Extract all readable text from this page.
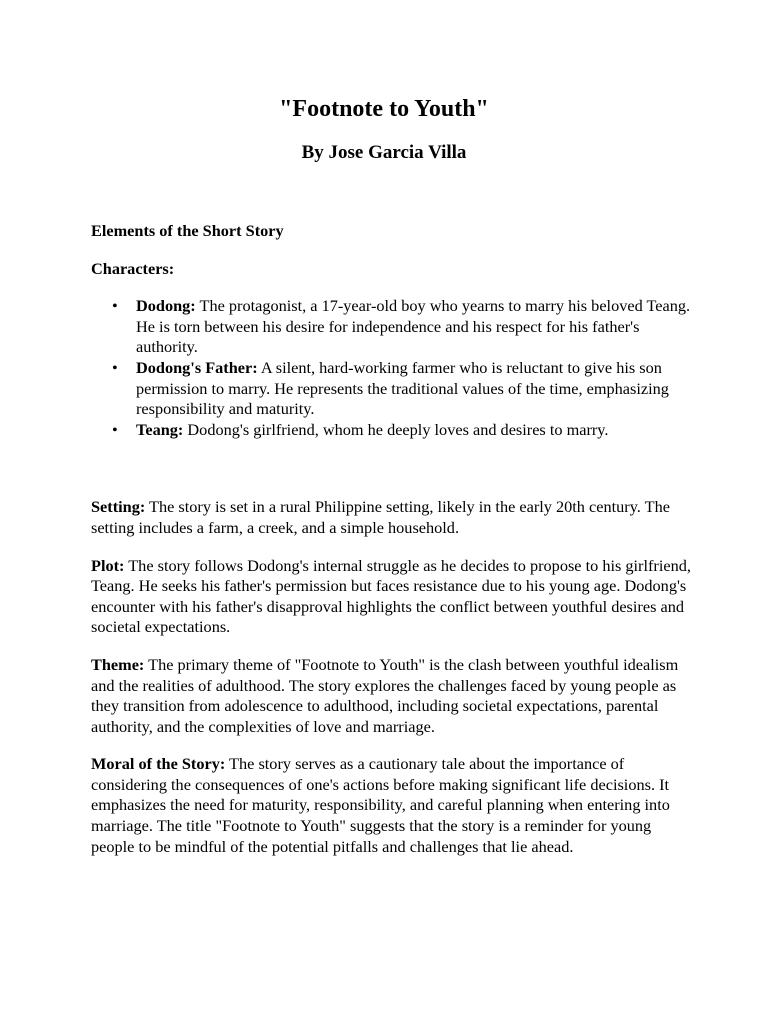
"Footnote to Youth"
By Jose Garcia Villa

Elements of the Short Story

Characters:

• Dodong: The protagonist, a 17-year-old boy who yearns to marry his beloved Teang. He is torn between his desire for independence and his respect for his father's authority.
• Dodong's Father: A silent, hard-working farmer who is reluctant to give his son permission to marry. He represents the traditional values of the time, emphasizing responsibility and maturity.
• Teang: Dodong's girlfriend, whom he deeply loves and desires to marry.

Setting: The story is set in a rural Philippine setting, likely in the early 20th century. The setting includes a farm, a creek, and a simple household.

Plot: The story follows Dodong's internal struggle as he decides to propose to his girlfriend, Teang. He seeks his father's permission but faces resistance due to his young age. Dodong's encounter with his father's disapproval highlights the conflict between youthful desires and societal expectations.

Theme: The primary theme of "Footnote to Youth" is the clash between youthful idealism and the realities of adulthood. The story explores the challenges faced by young people as they transition from adolescence to adulthood, including societal expectations, parental authority, and the complexities of love and marriage.

Moral of the Story: The story serves as a cautionary tale about the importance of considering the consequences of one's actions before making significant life decisions. It emphasizes the need for maturity, responsibility, and careful planning when entering into marriage. The title "Footnote to Youth" suggests that the story is a reminder for young people to be mindful of the potential pitfalls and challenges that lie ahead.
